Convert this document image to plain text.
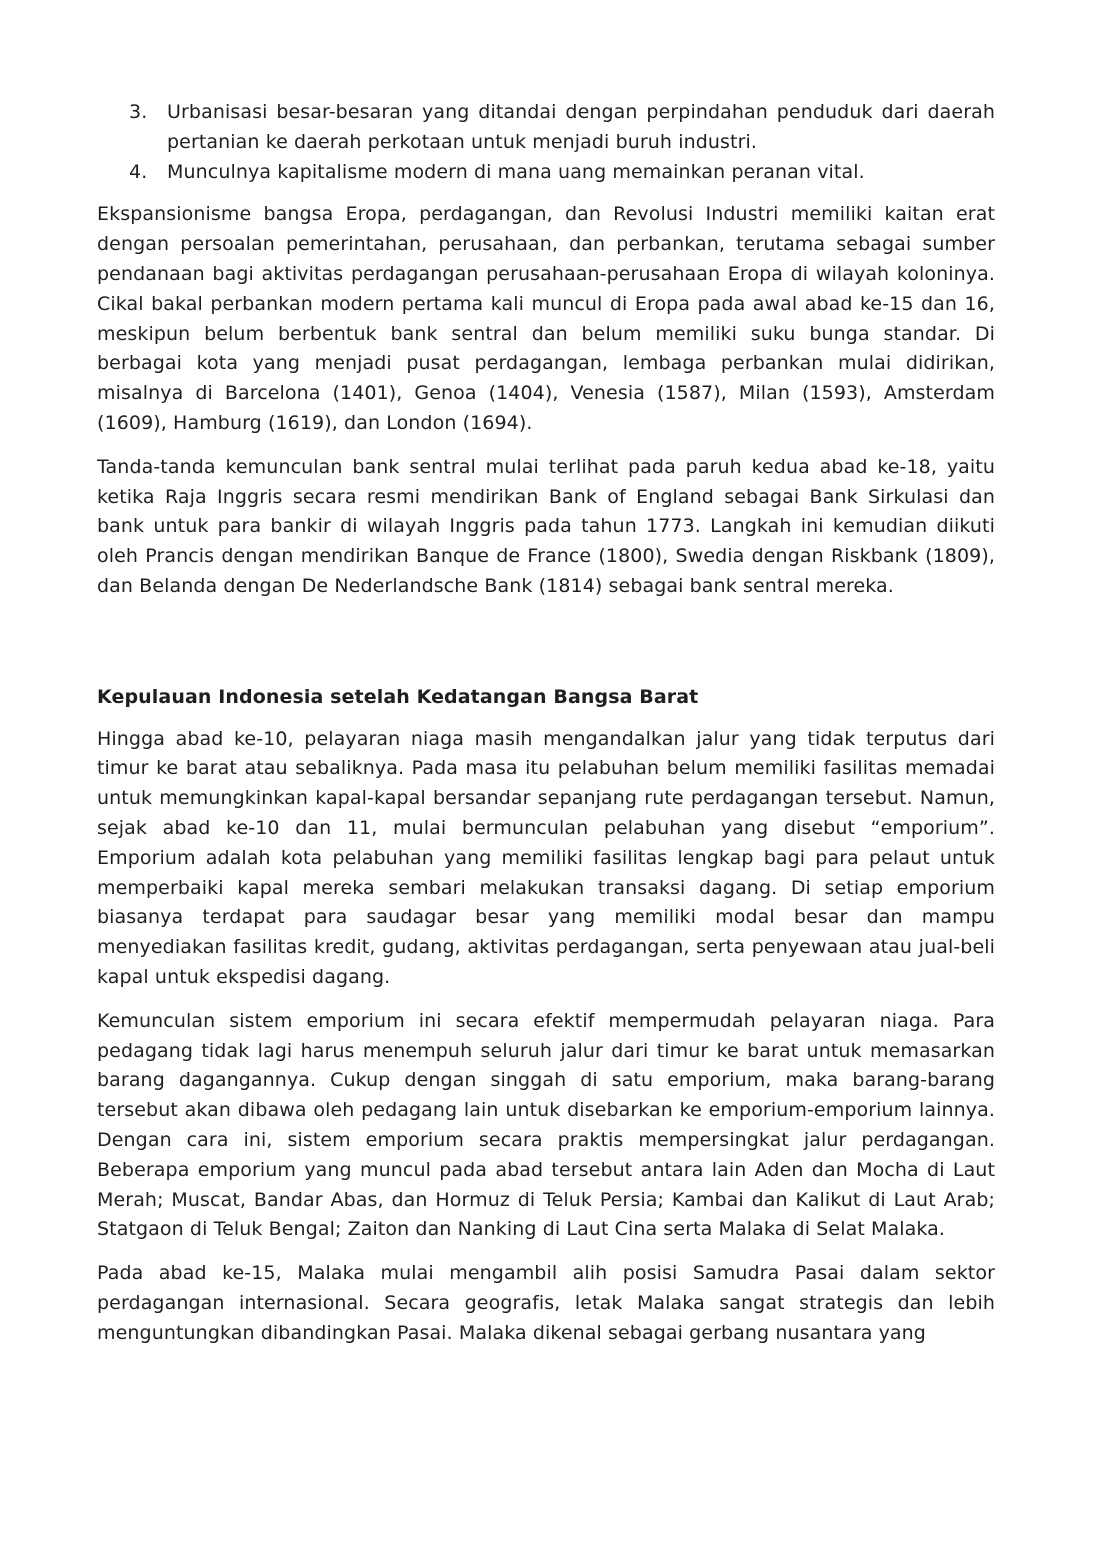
3. Urbanisasi besar-besaran yang ditandai dengan perpindahan penduduk dari daerah pertanian ke daerah perkotaan untuk menjadi buruh industri.
4. Munculnya kapitalisme modern di mana uang memainkan peranan vital.

Ekspansionisme bangsa Eropa, perdagangan, dan Revolusi Industri memiliki kaitan erat dengan persoalan pemerintahan, perusahaan, dan perbankan, terutama sebagai sumber pendanaan bagi aktivitas perdagangan perusahaan-perusahaan Eropa di wilayah koloninya. Cikal bakal perbankan modern pertama kali muncul di Eropa pada awal abad ke-15 dan 16, meskipun belum berbentuk bank sentral dan belum memiliki suku bunga standar. Di berbagai kota yang menjadi pusat perdagangan, lembaga perbankan mulai didirikan, misalnya di Barcelona (1401), Genoa (1404), Venesia (1587), Milan (1593), Amsterdam (1609), Hamburg (1619), dan London (1694).

Tanda-tanda kemunculan bank sentral mulai terlihat pada paruh kedua abad ke-18, yaitu ketika Raja Inggris secara resmi mendirikan Bank of England sebagai Bank Sirkulasi dan bank untuk para bankir di wilayah Inggris pada tahun 1773. Langkah ini kemudian diikuti oleh Prancis dengan mendirikan Banque de France (1800), Swedia dengan Riskbank (1809), dan Belanda dengan De Nederlandsche Bank (1814) sebagai bank sentral mereka.

Kepulauan Indonesia setelah Kedatangan Bangsa Barat

Hingga abad ke-10, pelayaran niaga masih mengandalkan jalur yang tidak terputus dari timur ke barat atau sebaliknya. Pada masa itu pelabuhan belum memiliki fasilitas memadai untuk memungkinkan kapal-kapal bersandar sepanjang rute perdagangan tersebut. Namun, sejak abad ke-10 dan 11, mulai bermunculan pelabuhan yang disebut “emporium”. Emporium adalah kota pelabuhan yang memiliki fasilitas lengkap bagi para pelaut untuk memperbaiki kapal mereka sembari melakukan transaksi dagang. Di setiap emporium biasanya terdapat para saudagar besar yang memiliki modal besar dan mampu menyediakan fasilitas kredit, gudang, aktivitas perdagangan, serta penyewaan atau jual-beli kapal untuk ekspedisi dagang.

Kemunculan sistem emporium ini secara efektif mempermudah pelayaran niaga. Para pedagang tidak lagi harus menempuh seluruh jalur dari timur ke barat untuk memasarkan barang dagangannya. Cukup dengan singgah di satu emporium, maka barang-barang tersebut akan dibawa oleh pedagang lain untuk disebarkan ke emporium-emporium lainnya. Dengan cara ini, sistem emporium secara praktis mempersingkat jalur perdagangan. Beberapa emporium yang muncul pada abad tersebut antara lain Aden dan Mocha di Laut Merah; Muscat, Bandar Abas, dan Hormuz di Teluk Persia; Kambai dan Kalikut di Laut Arab; Statgaon di Teluk Bengal; Zaiton dan Nanking di Laut Cina serta Malaka di Selat Malaka.

Pada abad ke-15, Malaka mulai mengambil alih posisi Samudra Pasai dalam sektor perdagangan internasional. Secara geografis, letak Malaka sangat strategis dan lebih menguntungkan dibandingkan Pasai. Malaka dikenal sebagai gerbang nusantara yang
